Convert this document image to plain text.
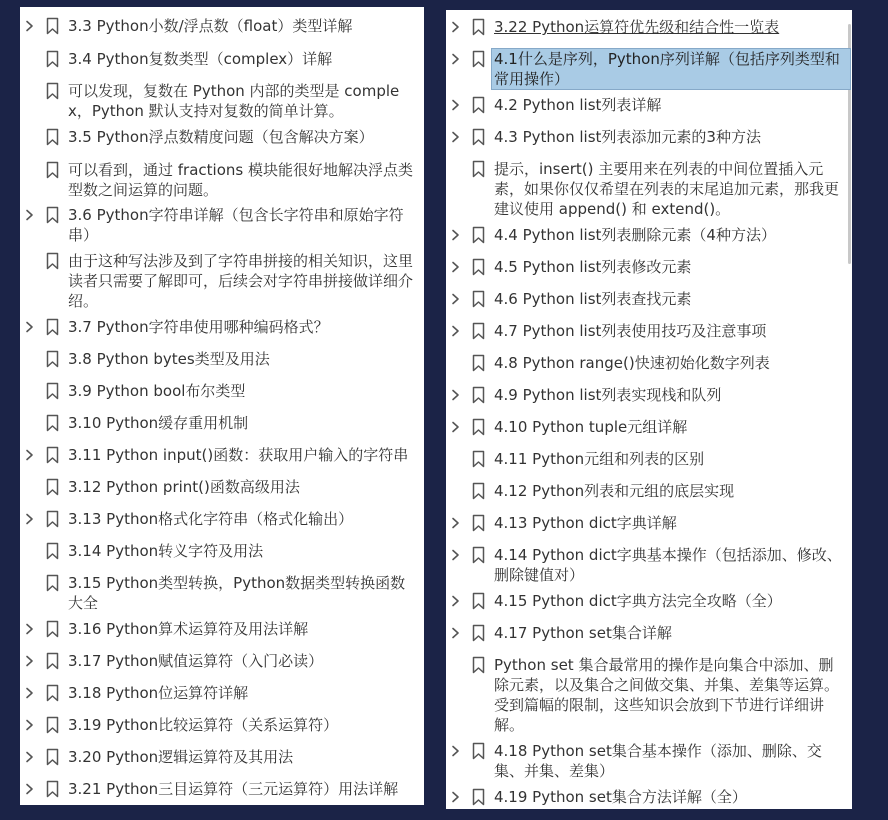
3.3 Python小数/浮点数（float）类型详解
3.4 Python复数类型（complex）详解
可以发现，复数在 Python 内部的类型是 complex，Python 默认支持对复数的简单计算。
3.5 Python浮点数精度问题（包含解决方案）
可以看到，通过 fractions 模块能很好地解决浮点类型数之间运算的问题。
3.6 Python字符串详解（包含长字符串和原始字符串）
由于这种写法涉及到了字符串拼接的相关知识，这里读者只需要了解即可，后续会对字符串拼接做详细介绍。
3.7 Python字符串使用哪种编码格式？
3.8 Python bytes类型及用法
3.9 Python bool布尔类型
3.10 Python缓存重用机制
3.11 Python input()函数：获取用户输入的字符串
3.12 Python print()函数高级用法
3.13 Python格式化字符串（格式化输出）
3.14 Python转义字符及用法
3.15 Python类型转换，Python数据类型转换函数大全
3.16 Python算术运算符及用法详解
3.17 Python赋值运算符（入门必读）
3.18 Python位运算符详解
3.19 Python比较运算符（关系运算符）
3.20 Python逻辑运算符及其用法
3.21 Python三目运算符（三元运算符）用法详解
3.22 Python运算符优先级和结合性一览表
4.1什么是序列，Python序列详解（包括序列类型和常用操作）
4.2 Python list列表详解
4.3 Python list列表添加元素的3种方法
提示，insert() 主要用来在列表的中间位置插入元素，如果你仅仅希望在列表的末尾追加元素，那我更建议使用 append() 和 extend()。
4.4 Python list列表删除元素（4种方法）
4.5 Python list列表修改元素
4.6 Python list列表查找元素
4.7 Python list列表使用技巧及注意事项
4.8 Python range()快速初始化数字列表
4.9 Python list列表实现栈和队列
4.10 Python tuple元组详解
4.11 Python元组和列表的区别
4.12 Python列表和元组的底层实现
4.13 Python dict字典详解
4.14 Python dict字典基本操作（包括添加、修改、删除键值对）
4.15 Python dict字典方法完全攻略（全）
4.17 Python set集合详解
Python set 集合最常用的操作是向集合中添加、删除元素，以及集合之间做交集、并集、差集等运算。受到篇幅的限制，这些知识会放到下节进行详细讲解。
4.18 Python set集合基本操作（添加、删除、交集、并集、差集）
4.19 Python set集合方法详解（全）
